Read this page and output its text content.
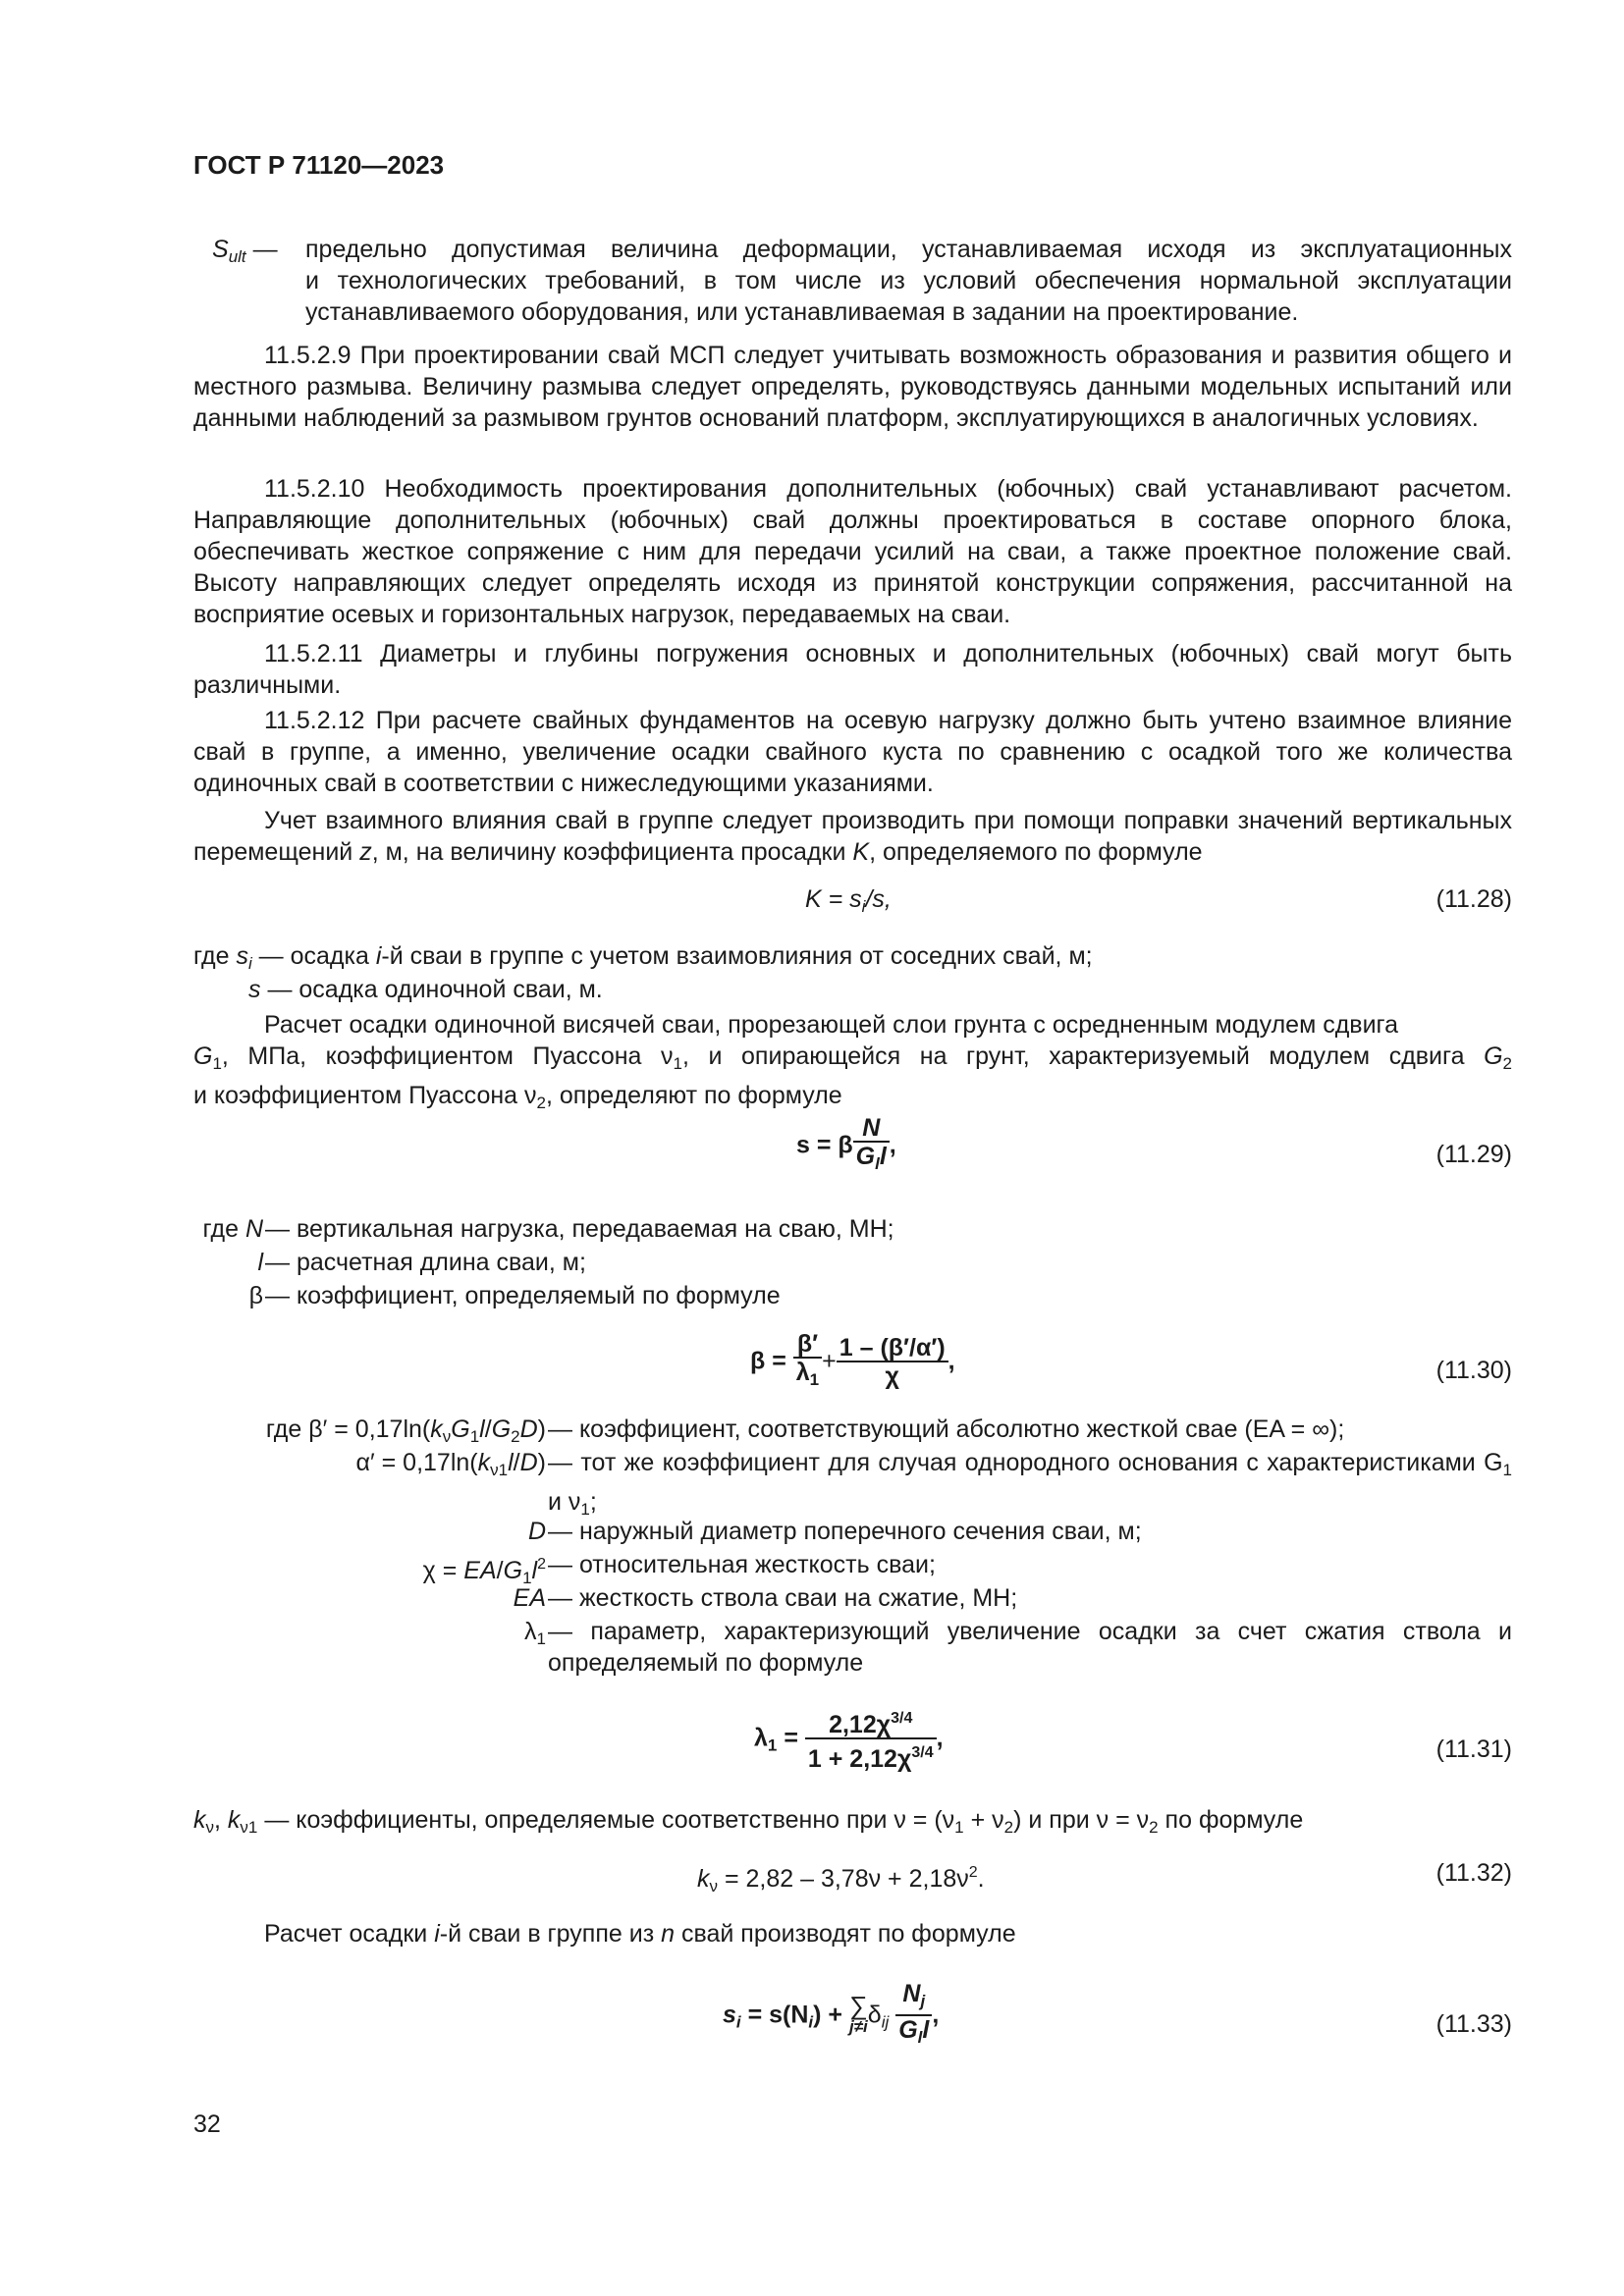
ГОСТ Р 71120—2023
$S_{ult}$ — предельно допустимая величина деформации, устанавливаемая исходя из эксплуатационных
и технологических требований, в том числе из условий обеспечения нормальной эксплуатации
устанавливаемого оборудования, или устанавливаемая в задании на проектирование.
11.5.2.9 При проектировании свай МСП следует учитывать возможность образования и развития общего и местного размыва. Величину размыва следует определять, руководствуясь данными модельных испытаний или данными наблюдений за размывом грунтов оснований платформ, эксплуатирующихся в аналогичных условиях.
11.5.2.10 Необходимость проектирования дополнительных (юбочных) свай устанавливают расчетом. Направляющие дополнительных (юбочных) свай должны проектироваться в составе опорного блока, обеспечивать жесткое сопряжение с ним для передачи усилий на сваи, а также проектное положение свай. Высоту направляющих следует определять исходя из принятой конструкции сопряжения, рассчитанной на восприятие осевых и горизонтальных нагрузок, передаваемых на сваи.
11.5.2.11 Диаметры и глубины погружения основных и дополнительных (юбочных) свай могут быть различными.
11.5.2.12 При расчете свайных фундаментов на осевую нагрузку должно быть учтено взаимное влияние свай в группе, а именно, увеличение осадки свайного куста по сравнению с осадкой того же количества одиночных свай в соответствии с нижеследующими указаниями.
Учет взаимного влияния свай в группе следует производить при помощи поправки значений вертикальных перемещений z, м, на величину коэффициента просадки K, определяемого по формуле
$K = s_i/s$,	(11.28)
где $s_i$ — осадка i-й сваи в группе с учетом взаимовлияния от соседних свай, м;
s — осадка одиночной сваи, м.
Расчет осадки одиночной висячей сваи, прорезающей слои грунта с осредненным модулем сдвига
$G_1$, МПа, коэффициентом Пуассона $\nu_1$, и опирающейся на грунт, характеризуемый модулем сдвига $G_2$
и коэффициентом Пуассона $\nu_2$, определяют по формуле
s = β $\frac{N}{G_ll}$ ,	(11.29)
где N — вертикальная нагрузка, передаваемая на сваю, МН;
l — расчетная длина сваи, м;
β — коэффициент, определяемый по формуле
$\beta = \frac{\beta'}{\lambda_1} + \frac{1 - (\beta'/\alpha')}{\chi}$ ,	(11.30)
где $\beta' = 0,17\ln(k_\nu G_1l/G_2D)$ — коэффициент, соответствующий абсолютно жесткой свае (EA = ∞);
$\alpha' = 0,17\ln(k_{\nu 1}l/D)$ — тот же коэффициент для случая однородного основания с характеристиками $G_1$ и $\nu_1$;
D — наружный диаметр поперечного сечения сваи, м;
$\chi = EA/G_1l^2$ — относительная жесткость сваи;
EA — жесткость ствола сваи на сжатие, МН;
$\lambda_1$ — параметр, характеризующий увеличение осадки за счет сжатия ствола и определяемый по формуле
$\lambda_1 = \frac{2,12\chi^{3/4}}{1 + 2,12\chi^{3/4}}$ ,	(11.31)
$k_\nu$, $k_{\nu 1}$ — коэффициенты, определяемые соответственно при $\nu = (\nu_1 + \nu_2)$ и при $\nu = \nu_2$ по формуле
$k_\nu = 2,82 - 3,78\nu + 2,18\nu^2$.	(11.32)
Расчет осадки i-й сваи в группе из n свай производят по формуле
$s_i = s(N_i)$ + ∑
j≠i $\delta_{ij} \frac{N_j}{G_ll}$ ,	(11.33)
32
